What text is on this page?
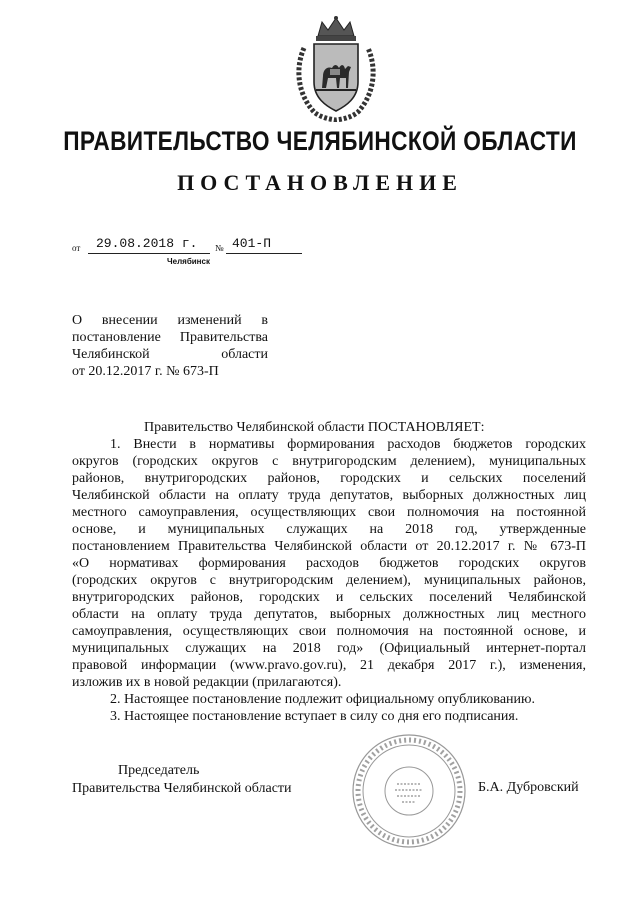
ПРАВИТЕЛЬСТВО ЧЕЛЯБИНСКОЙ ОБЛАСТИ
ПОСТАНОВЛЕНИЕ
от 29.08.2018 г. № 401-П
Челябинск
О внесении изменений в
постановление Правительства
Челябинской области
от 20.12.2017 г. № 673-П
Правительство Челябинской области ПОСТАНОВЛЯЕТ:
1. Внести в нормативы формирования расходов бюджетов городских
округов (городских округов с внутригородским делением), муниципальных
районов, внутригородских районов, городских и сельских поселений
Челябинской области на оплату труда депутатов, выборных должностных лиц
местного самоуправления, осуществляющих свои полномочия на постоянной
основе, и муниципальных служащих на 2018 год, утвержденные
постановлением Правительства Челябинской области от 20.12.2017 г. № 673-П
«О нормативах формирования расходов бюджетов городских округов
(городских округов с внутригородским делением), муниципальных районов,
внутригородских районов, городских и сельских поселений Челябинской
области на оплату труда депутатов, выборных должностных лиц местного
самоуправления, осуществляющих свои полномочия на постоянной основе, и
муниципальных служащих на 2018 год» (Официальный интернет-портал
правовой информации (www.pravo.gov.ru), 21 декабря 2017 г.), изменения,
изложив их в новой редакции (прилагаются).
2. Настоящее постановление подлежит официальному опубликованию.
3. Настоящее постановление вступает в силу со дня его подписания.
Председатель
Правительства Челябинской области	Б.А. Дубровский
